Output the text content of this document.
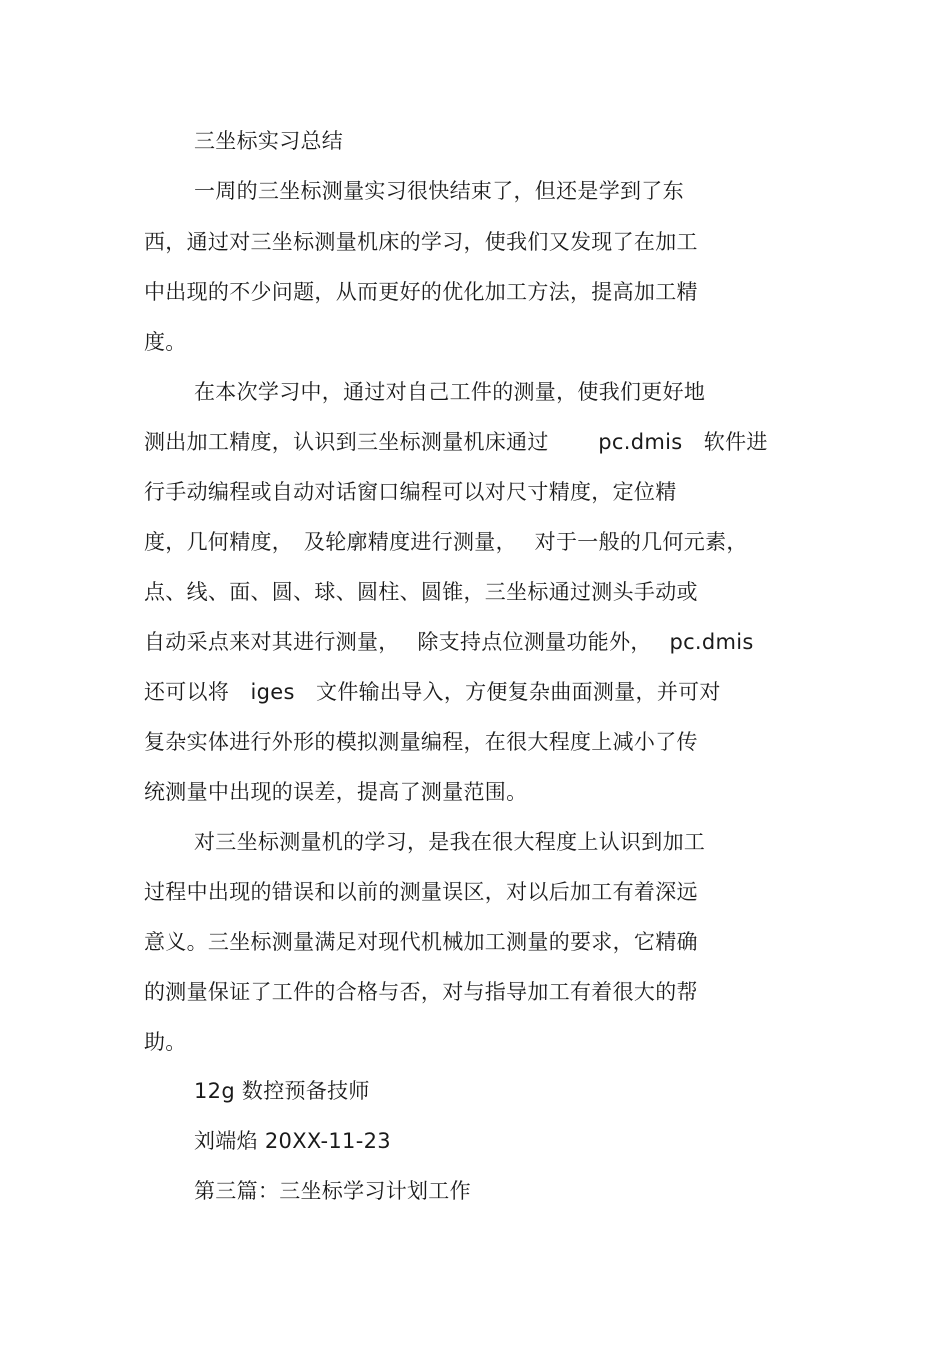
三坐标实习总结
一周的三坐标测量实习很快结束了，但还是学到了东
西，通过对三坐标测量机床的学习，使我们又发现了在加工
中出现的不少问题，从而更好的优化加工方法，提高加工精
度。
在本次学习中，通过对自己工件的测量，使我们更好地
测出加工精度，认识到三坐标测量机床通过 　　pc.dmis　软件进
行手动编程或自动对话窗口编程可以对尺寸精度，定位精
度，几何精度，　及轮廓精度进行测量，　 对于一般的几何元素，
点、线、面、圆、球、圆柱、圆锥，三坐标通过测头手动或
自动采点来对其进行测量，　 除支持点位测量功能外，　 pc.dmis
还可以将　iges　文件输出导入，方便复杂曲面测量，并可对
复杂实体进行外形的模拟测量编程，在很大程度上减小了传
统测量中出现的误差，提高了测量范围。
对三坐标测量机的学习，是我在很大程度上认识到加工
过程中出现的错误和以前的测量误区，对以后加工有着深远
意义。三坐标测量满足对现代机械加工测量的要求，它精确
的测量保证了工件的合格与否，对与指导加工有着很大的帮
助。
12g 数控预备技师
刘端焰 20XX-11-23
第三篇：三坐标学习计划工作
